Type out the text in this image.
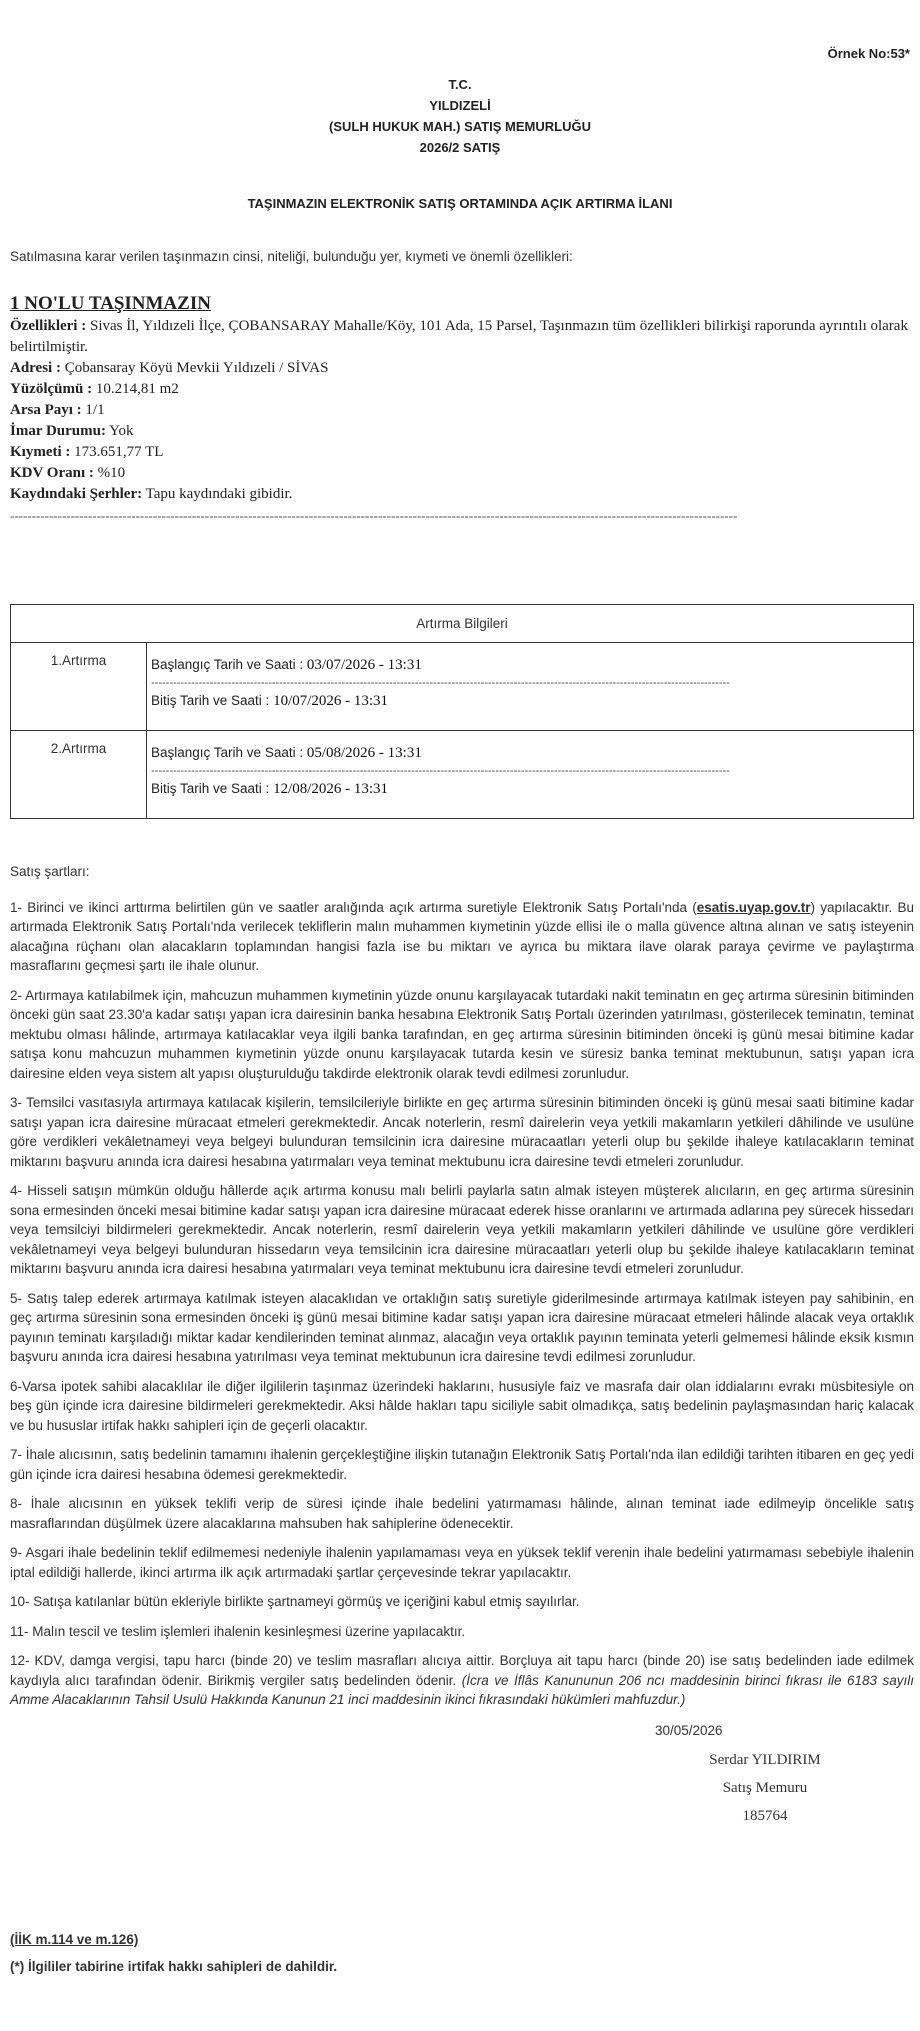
Örnek No:53*
T.C.
YILDIZELİ
(SULH HUKUK MAH.) SATIŞ MEMURLUĞU
2026/2 SATIŞ
TAŞINMAZIN ELEKTRONİK SATIŞ ORTAMINDA AÇIK ARTIRMA İLANI
Satılmasına karar verilen taşınmazın cinsi, niteliği, bulunduğu yer, kıymeti ve önemli özellikleri:
1 NO'LU TAŞINMAZIN
Özellikleri : Sivas İl, Yıldızeli İlçe, ÇOBANSARAY Mahalle/Köy, 101 Ada, 15 Parsel, Taşınmazın tüm özellikleri bilirkişi raporunda ayrıntılı olarak belirtilmiştir.
Adresi : Çobansaray Köyü Mevkii Yıldızeli / SİVAS
Yüzölçümü : 10.214,81 m2
Arsa Payı : 1/1
İmar Durumu: Yok
Kıymeti : 173.651,77 TL
KDV Oranı : %10
Kaydındaki Şerhler: Tapu kaydındaki gibidir.
------------------------------------------------------------------------------------------------------------------------------------------------------------------------
Artırma Bilgileri	
1.Artırma	Başlangıç Tarih ve Saati : 03/07/2026 - 13:31
--------------------------------------------------------------------------------------------------------------------------------------------------------------
Bitiş Tarih ve Saati : 10/07/2026 - 13:31

2.Artırma	Başlangıç Tarih ve Saati : 05/08/2026 - 13:31
--------------------------------------------------------------------------------------------------------------------------------------------------------------
Bitiş Tarih ve Saati : 12/08/2026 - 13:31

Satış şartları:

1- Birinci ve ikinci arttırma belirtilen gün ve saatler aralığında açık artırma suretiyle Elektronik Satış Portalı'nda (esatis.uyap.gov.tr) yapılacaktır. Bu artırmada Elektronik Satış Portalı'nda verilecek tekliflerin malın muhammen kıymetinin yüzde ellisi ile o malla güvence altına alınan ve satış isteyenin alacağına rüçhanı olan alacakların toplamından hangisi fazla ise bu miktarı ve ayrıca bu miktara ilave olarak paraya çevirme ve paylaştırma masraflarını geçmesi şartı ile ihale olunur.

2- Artırmaya katılabilmek için, mahcuzun muhammen kıymetinin yüzde onunu karşılayacak tutardaki nakit teminatın en geç artırma süresinin bitiminden önceki gün saat 23.30'a kadar satışı yapan icra dairesinin banka hesabına Elektronik Satış Portalı üzerinden yatırılması, gösterilecek teminatın, teminat mektubu olması hâlinde, artırmaya katılacaklar veya ilgili banka tarafından, en geç artırma süresinin bitiminden önceki iş günü mesai bitimine kadar satışa konu mahcuzun muhammen kıymetinin yüzde onunu karşılayacak tutarda kesin ve süresiz banka teminat mektubunun, satışı yapan icra dairesine elden veya sistem alt yapısı oluşturulduğu takdirde elektronik olarak tevdi edilmesi zorunludur.

3- Temsilci vasıtasıyla artırmaya katılacak kişilerin, temsilcileriyle birlikte en geç artırma süresinin bitiminden önceki iş günü mesai saati bitimine kadar satışı yapan icra dairesine müracaat etmeleri gerekmektedir. Ancak noterlerin, resmî dairelerin veya yetkili makamların yetkileri dâhilinde ve usulüne göre verdikleri vekâletnameyi veya belgeyi bulunduran temsilcinin icra dairesine müracaatları yeterli olup bu şekilde ihaleye katılacakların teminat miktarını başvuru anında icra dairesi hesabına yatırmaları veya teminat mektubunu icra dairesine tevdi etmeleri zorunludur.

4- Hisseli satışın mümkün olduğu hâllerde açık artırma konusu malı belirli paylarla satın almak isteyen müşterek alıcıların, en geç artırma süresinin sona ermesinden önceki mesai bitimine kadar satışı yapan icra dairesine müracaat ederek hisse oranlarını ve artırmada adlarına pey sürecek hissedarı veya temsilciyi bildirmeleri gerekmektedir. Ancak noterlerin, resmî dairelerin veya yetkili makamların yetkileri dâhilinde ve usulüne göre verdikleri vekâletnameyi veya belgeyi bulunduran hissedarın veya temsilcinin icra dairesine müracaatları yeterli olup bu şekilde ihaleye katılacakların teminat miktarını başvuru anında icra dairesi hesabına yatırmaları veya teminat mektubunu icra dairesine tevdi etmeleri zorunludur.

5- Satış talep ederek artırmaya katılmak isteyen alacaklıdan ve ortaklığın satış suretiyle giderilmesinde artırmaya katılmak isteyen pay sahibinin, en geç artırma süresinin sona ermesinden önceki iş günü mesai bitimine kadar satışı yapan icra dairesine müracaat etmeleri hâlinde alacak veya ortaklık payının teminatı karşıladığı miktar kadar kendilerinden teminat alınmaz, alacağın veya ortaklık payının teminata yeterli gelmemesi hâlinde eksik kısmın başvuru anında icra dairesi hesabına yatırılması veya teminat mektubunun icra dairesine tevdi edilmesi zorunludur.

6-Varsa ipotek sahibi alacaklılar ile diğer ilgililerin taşınmaz üzerindeki haklarını, hususiyle faiz ve masrafa dair olan iddialarını evrakı müsbitesiyle on beş gün içinde icra dairesine bildirmeleri gerekmektedir. Aksi hâlde hakları tapu siciliyle sabit olmadıkça, satış bedelinin paylaşmasından hariç kalacak ve bu hususlar irtifak hakkı sahipleri için de geçerli olacaktır.

7- İhale alıcısının, satış bedelinin tamamını ihalenin gerçekleştiğine ilişkin tutanağın Elektronik Satış Portalı'nda ilan edildiği tarihten itibaren en geç yedi gün içinde icra dairesi hesabına ödemesi gerekmektedir.

8- İhale alıcısının en yüksek teklifi verip de süresi içinde ihale bedelini yatırmaması hâlinde, alınan teminat iade edilmeyip öncelikle satış masraflarından düşülmek üzere alacaklarına mahsuben hak sahiplerine ödenecektir.

9- Asgari ihale bedelinin teklif edilmemesi nedeniyle ihalenin yapılamaması veya en yüksek teklif verenin ihale bedelini yatırmaması sebebiyle ihalenin iptal edildiği hallerde, ikinci artırma ilk açık artırmadaki şartlar çerçevesinde tekrar yapılacaktır.

10- Satışa katılanlar bütün ekleriyle birlikte şartnameyi görmüş ve içeriğini kabul etmiş sayılırlar.

11- Malın tescil ve teslim işlemleri ihalenin kesinleşmesi üzerine yapılacaktır.

12- KDV, damga vergisi, tapu harcı (binde 20) ve teslim masrafları alıcıya aittir. Borçluya ait tapu harcı (binde 20) ise satış bedelinden iade edilmek kaydıyla alıcı tarafından ödenir. Birikmiş vergiler satış bedelinden ödenir. (İcra ve İflâs Kanununun 206 ncı maddesinin birinci fıkrası ile 6183 sayılı Amme Alacaklarının Tahsil Usulü Hakkında Kanunun 21 inci maddesinin ikinci fıkrasındaki hükümleri mahfuzdur.)

30/05/2026
Serdar YILDIRIM
Satış Memuru
185764
(İİK m.114 ve m.126)
(*) İlgililer tabirine irtifak hakkı sahipleri de dahildir.
